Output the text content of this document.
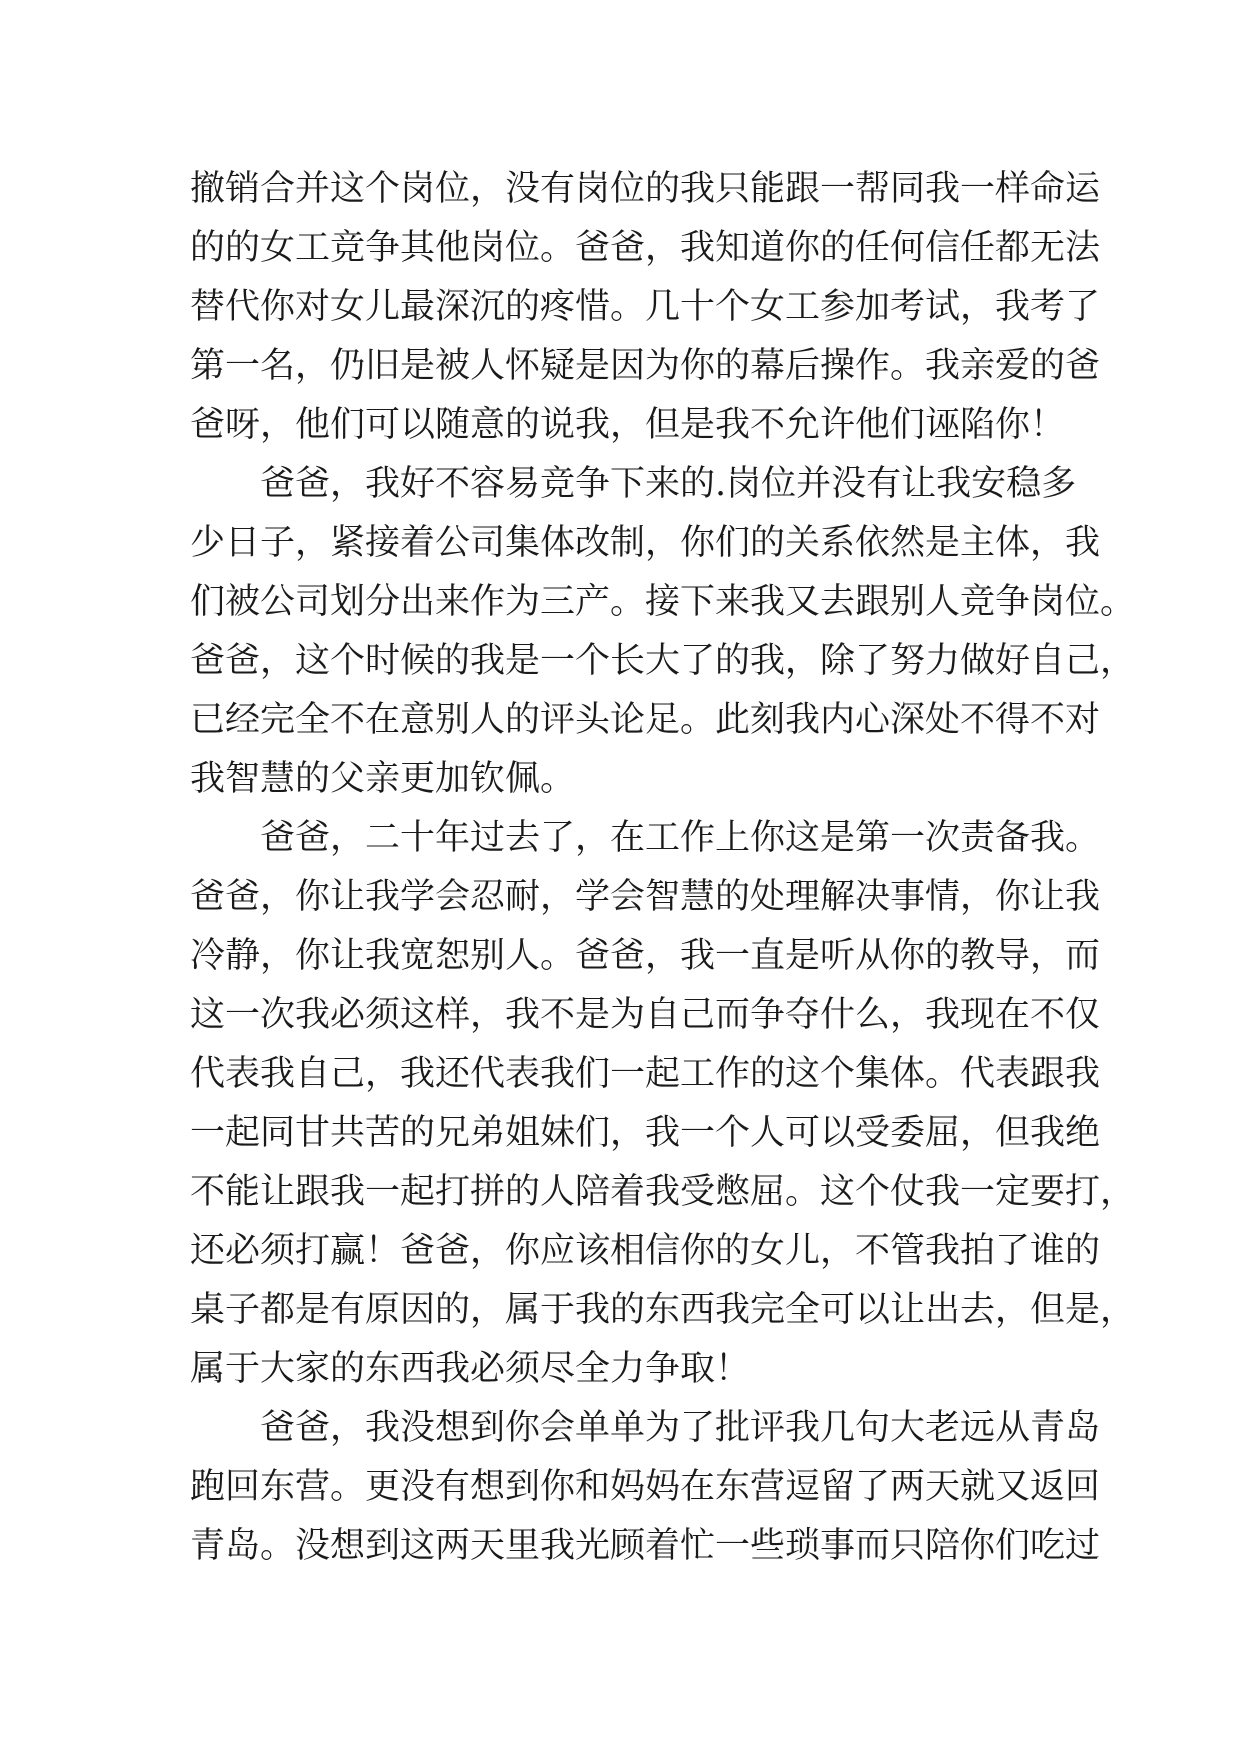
撤销合并这个岗位，没有岗位的我只能跟一帮同我一样命运
的的女工竞争其他岗位。爸爸，我知道你的任何信任都无法
替代你对女儿最深沉的疼惜。几十个女工参加考试，我考了
第一名，仍旧是被人怀疑是因为你的幕后操作。我亲爱的爸
爸呀，他们可以随意的说我，但是我不允许他们诬陷你！
爸爸，我好不容易竞争下来的.岗位并没有让我安稳多
少日子，紧接着公司集体改制，你们的关系依然是主体，我
们被公司划分出来作为三产。接下来我又去跟别人竞争岗位。
爸爸，这个时候的我是一个长大了的我，除了努力做好自己，
已经完全不在意别人的评头论足。此刻我内心深处不得不对
我智慧的父亲更加钦佩。
爸爸，二十年过去了，在工作上你这是第一次责备我。
爸爸，你让我学会忍耐，学会智慧的处理解决事情，你让我
冷静，你让我宽恕别人。爸爸，我一直是听从你的教导，而
这一次我必须这样，我不是为自己而争夺什么，我现在不仅
代表我自己，我还代表我们一起工作的这个集体。代表跟我
一起同甘共苦的兄弟姐妹们，我一个人可以受委屈，但我绝
不能让跟我一起打拼的人陪着我受憋屈。这个仗我一定要打，
还必须打赢！爸爸，你应该相信你的女儿，不管我拍了谁的
桌子都是有原因的，属于我的东西我完全可以让出去，但是，
属于大家的东西我必须尽全力争取！
爸爸，我没想到你会单单为了批评我几句大老远从青岛
跑回东营。更没有想到你和妈妈在东营逗留了两天就又返回
青岛。没想到这两天里我光顾着忙一些琐事而只陪你们吃过
